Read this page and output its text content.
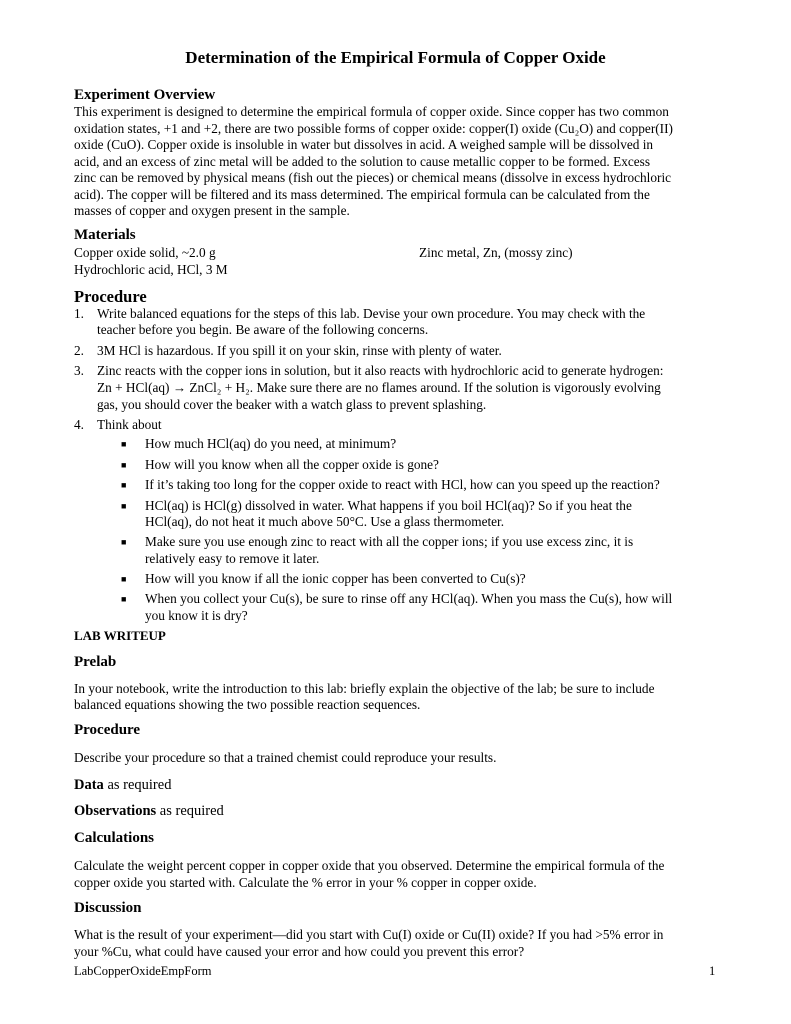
Determination of the Empirical Formula of Copper Oxide
Experiment Overview
This experiment is designed to determine the empirical formula of copper oxide. Since copper has two common
oxidation states, +1 and +2, there are two possible forms of copper oxide: copper(I) oxide (Cu₂O) and copper(II)
oxide (CuO). Copper oxide is insoluble in water but dissolves in acid. A weighed sample will be dissolved in
acid, and an excess of zinc metal will be added to the solution to cause metallic copper to be formed. Excess
zinc can be removed by physical means (fish out the pieces) or chemical means (dissolve in excess hydrochloric
acid). The copper will be filtered and its mass determined. The empirical formula can be calculated from the
masses of copper and oxygen present in the sample.
Materials
Copper oxide solid, ~2.0 g	Zinc metal, Zn, (mossy zinc)
Hydrochloric acid, HCl, 3 M
Procedure
1. Write balanced equations for the steps of this lab. Devise your own procedure. You may check with the
teacher before you begin. Be aware of the following concerns.
2. 3M HCl is hazardous. If you spill it on your skin, rinse with plenty of water.
3. Zinc reacts with the copper ions in solution, but it also reacts with hydrochloric acid to generate hydrogen:
Zn + HCl(aq) → ZnCl₂ + H₂. Make sure there are no flames around. If the solution is vigorously evolving
gas, you should cover the beaker with a watch glass to prevent splashing.
4. Think about
■ How much HCl(aq) do you need, at minimum?
■ How will you know when all the copper oxide is gone?
■ If it’s taking too long for the copper oxide to react with HCl, how can you speed up the reaction?
■ HCl(aq) is HCl(g) dissolved in water. What happens if you boil HCl(aq)? So if you heat the
HCl(aq), do not heat it much above 50°C. Use a glass thermometer.
■ Make sure you use enough zinc to react with all the copper ions; if you use excess zinc, it is
relatively easy to remove it later.
■ How will you know if all the ionic copper has been converted to Cu(s)?
■ When you collect your Cu(s), be sure to rinse off any HCl(aq). When you mass the Cu(s), how will
you know it is dry?
LAB WRITEUP
Prelab
In your notebook, write the introduction to this lab: briefly explain the objective of the lab; be sure to include
balanced equations showing the two possible reaction sequences.
Procedure
Describe your procedure so that a trained chemist could reproduce your results.
Data as required
Observations as required
Calculations
Calculate the weight percent copper in copper oxide that you observed. Determine the empirical formula of the
copper oxide you started with. Calculate the % error in your % copper in copper oxide.
Discussion
What is the result of your experiment—did you start with Cu(I) oxide or Cu(II) oxide? If you had >5% error in
your %Cu, what could have caused your error and how could you prevent this error?
LabCopperOxideEmpForm	1
